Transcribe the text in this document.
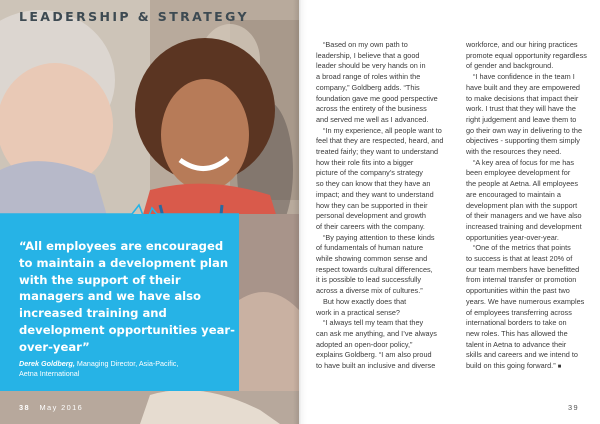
LEADERSHIP & STRATEGY

“All employees are encouraged to maintain a development plan with the support of their managers and we have also increased training and development opportunities year-over-year”

Derek Goldberg, Managing Director, Asia-Pacific,
Aetna International
38 May 2016
“Based on my own path to
leadership, I believe that a good
leader should be very hands on in
a broad range of roles within the
company,” Goldberg adds. “This
foundation gave me good perspective
across the entirety of the business
and served me well as I advanced.
“In my experience, all people want to
feel that they are respected, heard, and
treated fairly; they want to understand
how their role fits into a bigger
picture of the company’s strategy
so they can know that they have an
impact; and they want to understand
how they can be supported in their
personal development and growth
of their careers with the company.
“By paying attention to these kinds
of fundamentals of human nature
while showing common sense and
respect towards cultural differences,
it is possible to lead successfully
across a diverse mix of cultures.”
But how exactly does that
work in a practical sense?
“I always tell my team that they
can ask me anything, and I’ve always
adopted an open-door policy,”
explains Goldberg. “I am also proud
to have built an inclusive and diverse
workforce, and our hiring practices
promote equal opportunity regardless
of gender and background.
“I have confidence in the team I
have built and they are empowered
to make decisions that impact their
work. I trust that they will have the
right judgement and leave them to
go their own way in delivering to the
objectives - supporting them simply
with the resources they need.
“A key area of focus for me has
been employee development for
the people at Aetna. All employees
are encouraged to maintain a
development plan with the support
of their managers and we have also
increased training and development
opportunities year-over-year.
“One of the metrics that points
to success is that at least 20% of
our team members have benefitted
from internal transfer or promotion
opportunities within the past two
years. We have numerous examples
of employees transferring across
international borders to take on
new roles. This has allowed the
talent in Aetna to advance their
skills and careers and we intend to
build on this going forward.” ■
39
